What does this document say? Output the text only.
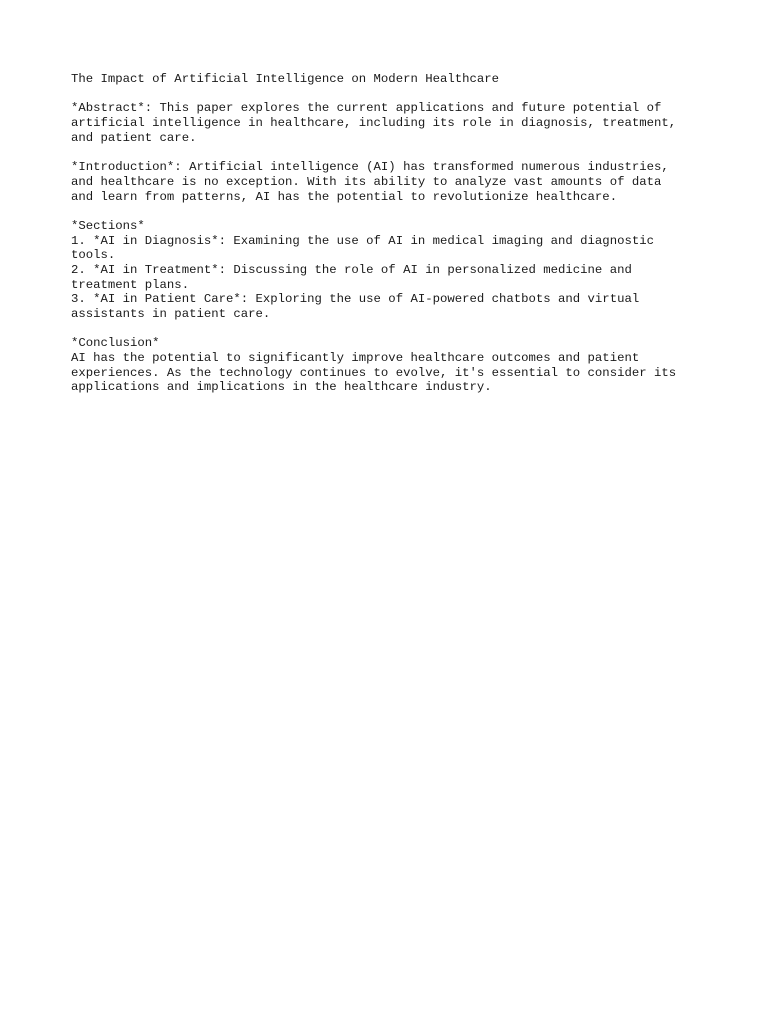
The Impact of Artificial Intelligence on Modern Healthcare
*Abstract*: This paper explores the current applications and future potential of
artificial intelligence in healthcare, including its role in diagnosis, treatment,
and patient care.
*Introduction*: Artificial intelligence (AI) has transformed numerous industries,
and healthcare is no exception. With its ability to analyze vast amounts of data
and learn from patterns, AI has the potential to revolutionize healthcare.
*Sections*
1. *AI in Diagnosis*: Examining the use of AI in medical imaging and diagnostic
tools.
2. *AI in Treatment*: Discussing the role of AI in personalized medicine and
treatment plans.
3. *AI in Patient Care*: Exploring the use of AI-powered chatbots and virtual
assistants in patient care.
*Conclusion*
AI has the potential to significantly improve healthcare outcomes and patient
experiences. As the technology continues to evolve, it's essential to consider its
applications and implications in the healthcare industry.
